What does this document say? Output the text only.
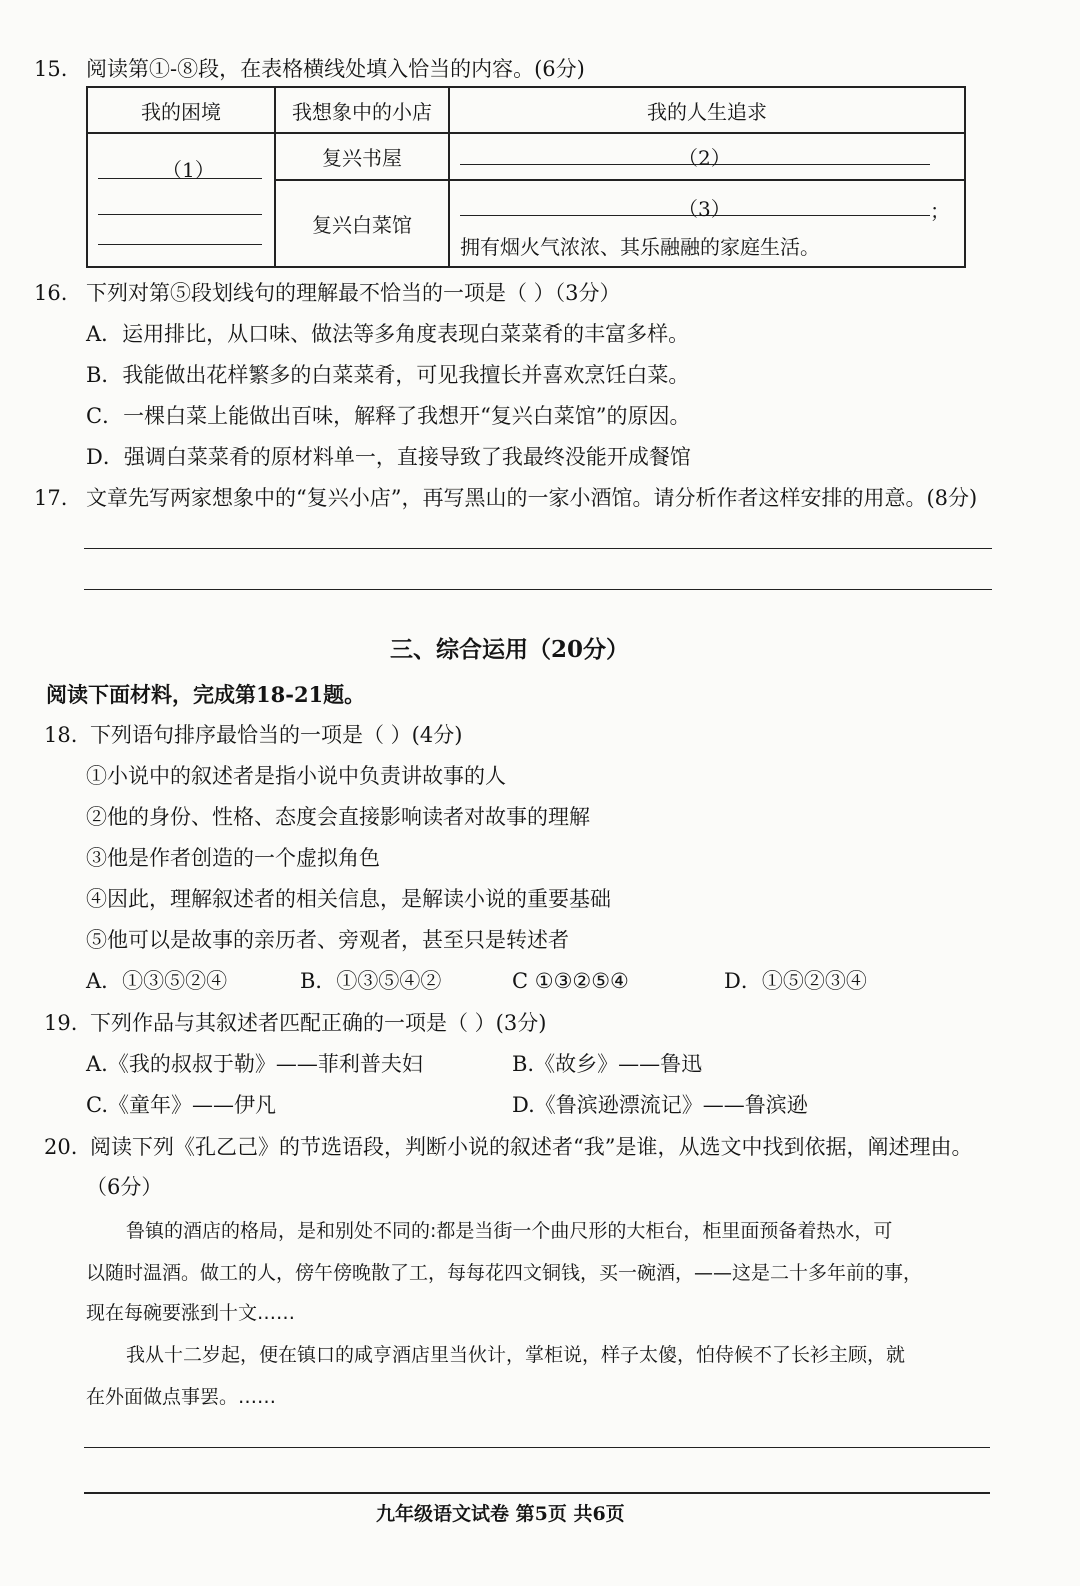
15. 阅读第①-⑧段，在表格横线处填入恰当的内容。(6分)
我的困境	我想象中的小店	我的人生追求

（1）	复兴书屋	（2）

	复兴白菜馆	（3） ；
拥有烟火气浓浓、其乐融融的家庭生活。
16. 下列对第⑤段划线句的理解最不恰当的一项是（ ）（3分）
A．运用排比，从口味、做法等多角度表现白菜菜肴的丰富多样。
B．我能做出花样繁多的白菜菜肴，可见我擅长并喜欢烹饪白菜。
C．一棵白菜上能做出百味，解释了我想开“复兴白菜馆”的原因。
D．强调白菜菜肴的原材料单一，直接导致了我最终没能开成餐馆
17. 文章先写两家想象中的“复兴小店”，再写黑山的一家小酒馆。请分析作者这样安排的用意。(8分)
三、综合运用（20分）
阅读下面材料，完成第18-21题。
18. 下列语句排序最恰当的一项是（ ）(4分)
①小说中的叙述者是指小说中负责讲故事的人
②他的身份、性格、态度会直接影响读者对故事的理解
③他是作者创造的一个虚拟角色
④因此，理解叙述者的相关信息，是解读小说的重要基础
⑤他可以是故事的亲历者、旁观者，甚至只是转述者
A．①③⑤②④	B．①③⑤④②	C ①③②⑤④	D．①⑤②③④
19. 下列作品与其叙述者匹配正确的一项是（ ）(3分)
A.《我的叔叔于勒》——菲利普夫妇	B.《故乡》——鲁迅
C.《童年》——伊凡	D.《鲁滨逊漂流记》——鲁滨逊
20. 阅读下列《孔乙己》的节选语段，判断小说的叙述者“我”是谁，从选文中找到依据，阐述理由。
（6分）
鲁镇的酒店的格局，是和别处不同的:都是当街一个曲尺形的大柜台，柜里面预备着热水，可
以随时温酒。做工的人，傍午傍晚散了工，每每花四文铜钱，买一碗酒，——这是二十多年前的事，
现在每碗要涨到十文……
我从十二岁起，便在镇口的咸亨酒店里当伙计，掌柜说，样子太傻，怕侍候不了长衫主顾，就
在外面做点事罢。……
九年级语文试卷 第5页 共6页
